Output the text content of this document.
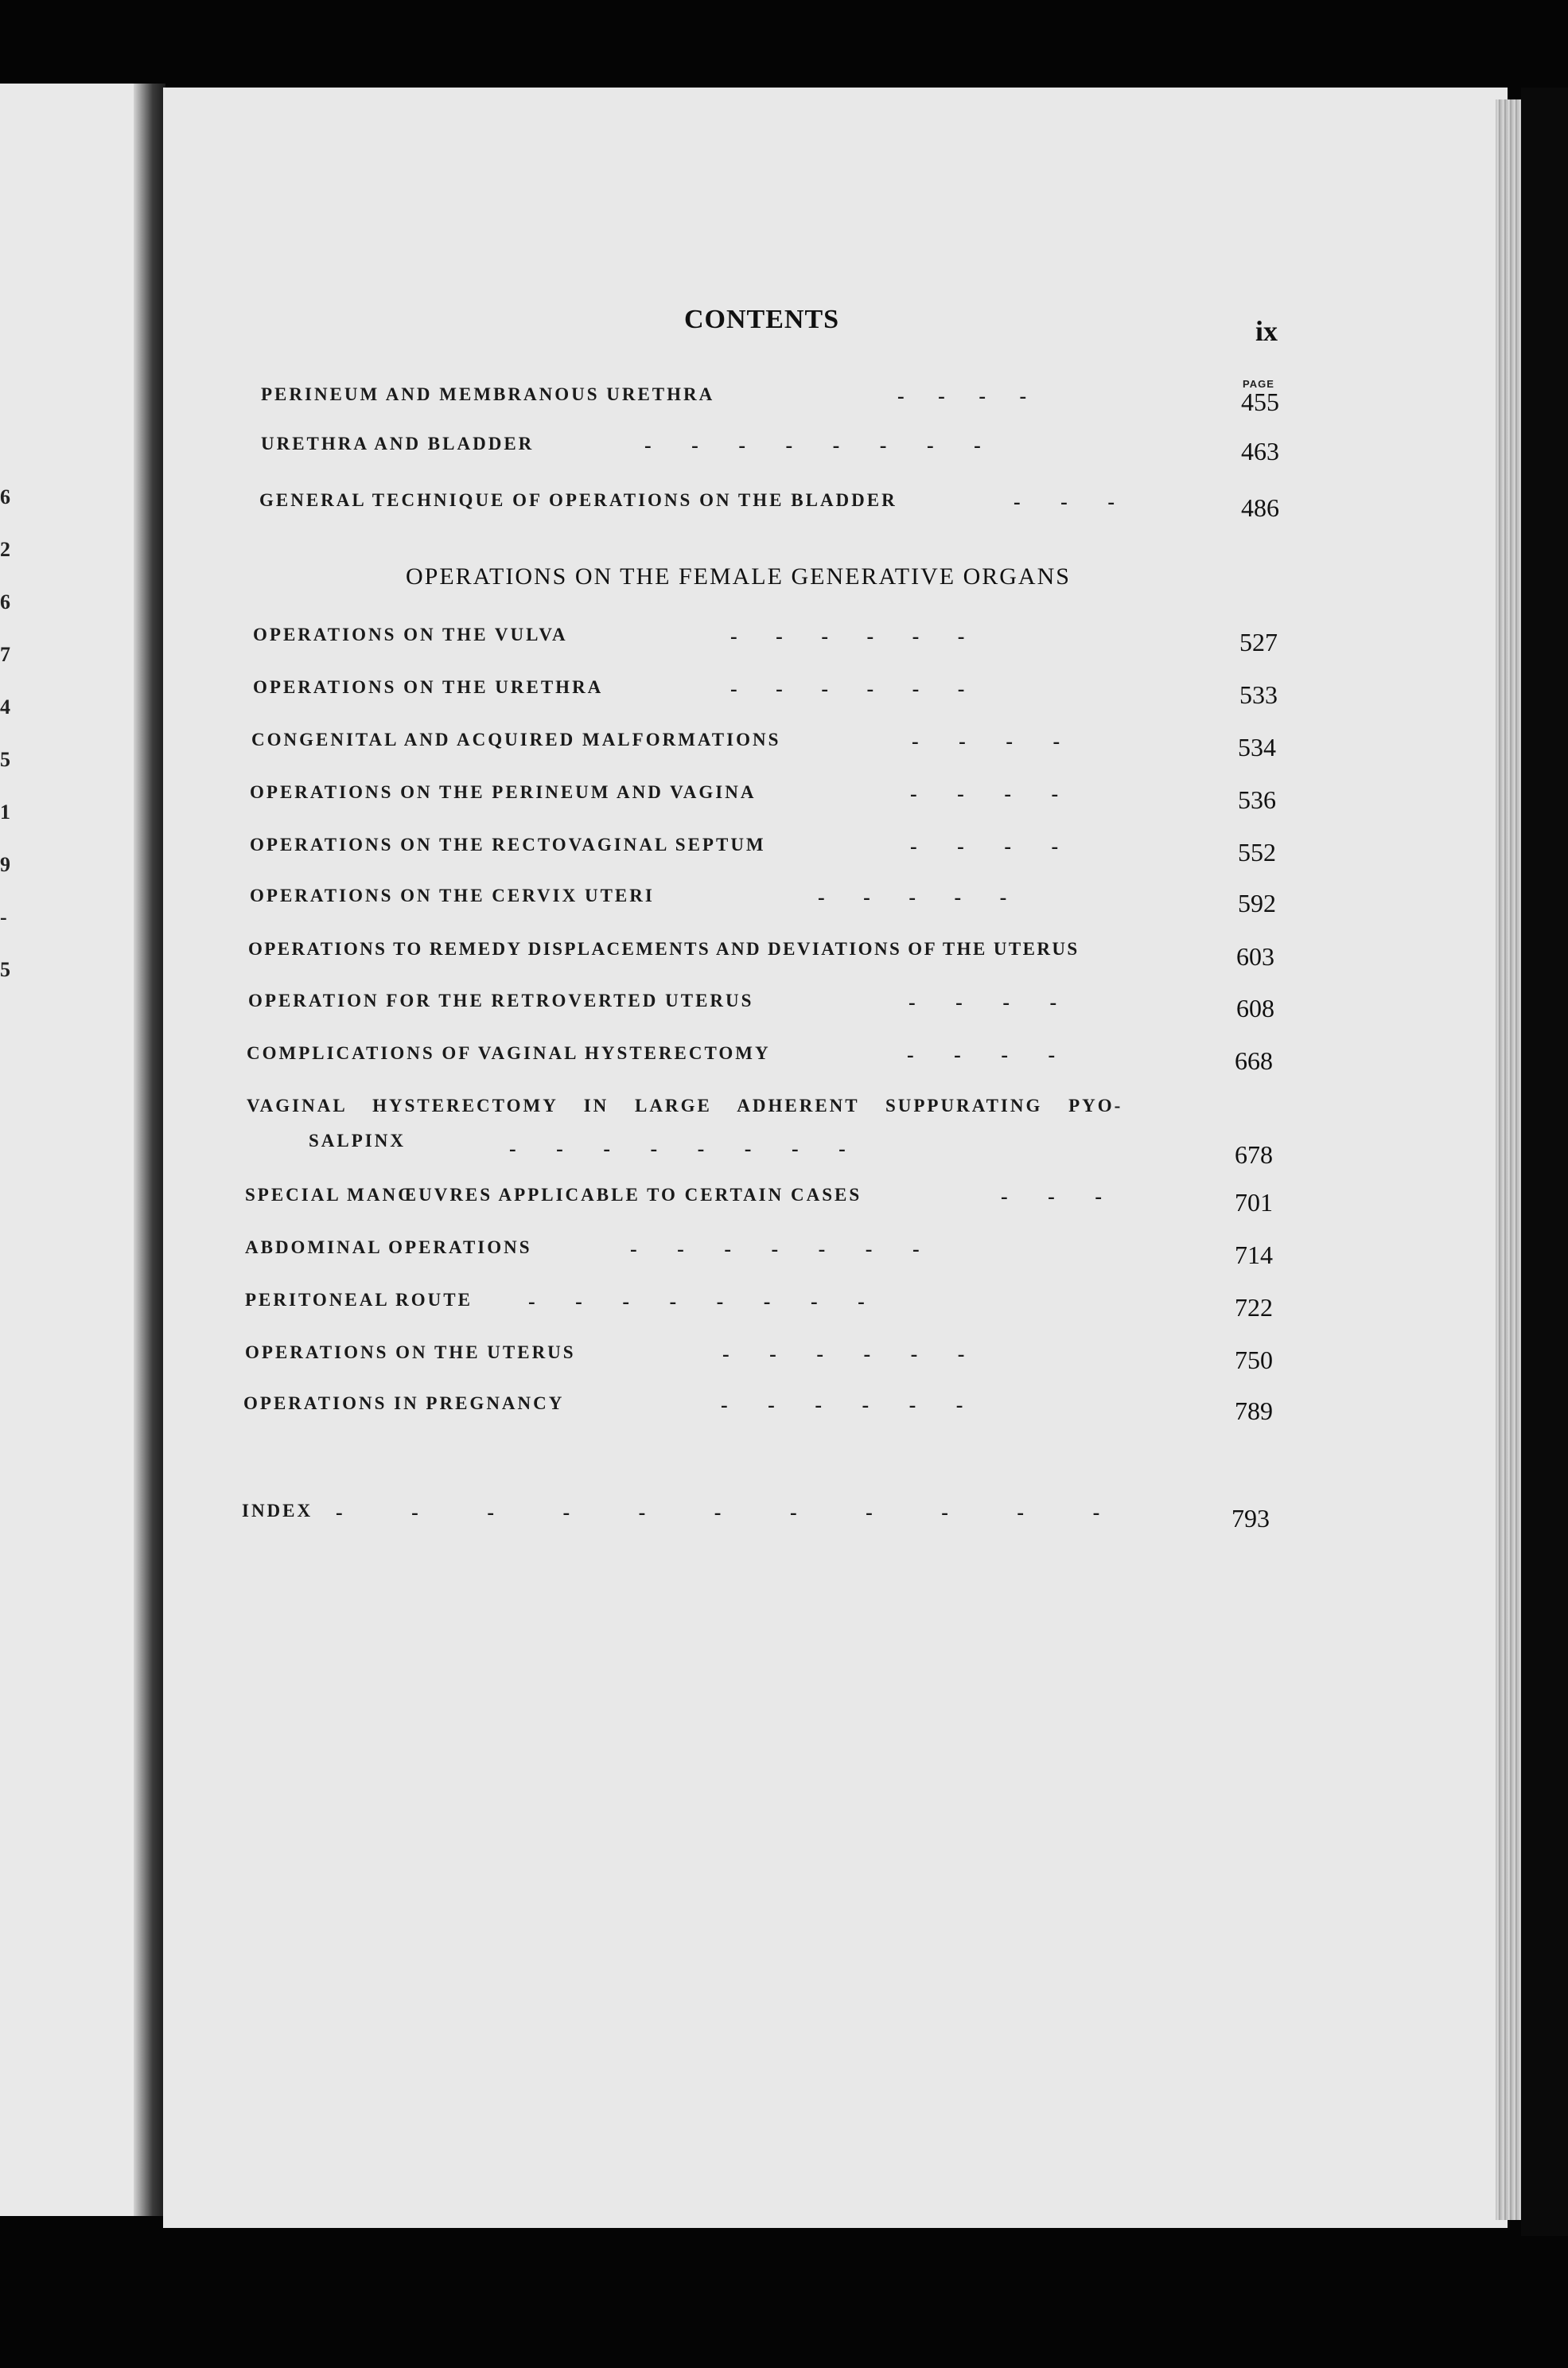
6
2
6
7
4
5
1
9
-
5
CONTENTS	ix
PAGE
PERINEUM AND MEMBRANOUS URETHRA	- - - -	455
URETHRA AND BLADDER	- - - - - - - -	463
GENERAL TECHNIQUE OF OPERATIONS ON THE BLADDER	- - -	486
OPERATIONS ON THE FEMALE GENERATIVE ORGANS
OPERATIONS ON THE VULVA	- - - - - -	527
OPERATIONS ON THE URETHRA	- - - - - -	533
CONGENITAL AND ACQUIRED MALFORMATIONS	- - - -	534
OPERATIONS ON THE PERINEUM AND VAGINA	- - - -	536
OPERATIONS ON THE RECTOVAGINAL SEPTUM	- - - -	552
OPERATIONS ON THE CERVIX UTERI	- - - - -	592
OPERATIONS TO REMEDY DISPLACEMENTS AND DEVIATIONS OF THE UTERUS	603
OPERATION FOR THE RETROVERTED UTERUS	- - - -	608
COMPLICATIONS OF VAGINAL HYSTERECTOMY	- - - -	668
VAGINAL HYSTERECTOMY IN LARGE ADHERENT SUPPURATING PYO-
SALPINX	- - - - - - - -	678
SPECIAL MANŒUVRES APPLICABLE TO CERTAIN CASES	- - -	701
ABDOMINAL OPERATIONS	- - - - - - -	714
PERITONEAL ROUTE	- - - - - - - -	722
OPERATIONS ON THE UTERUS	- - - - - -	750
OPERATIONS IN PREGNANCY	- - - - - -	789
INDEX - - - - - - - - - - -	793
